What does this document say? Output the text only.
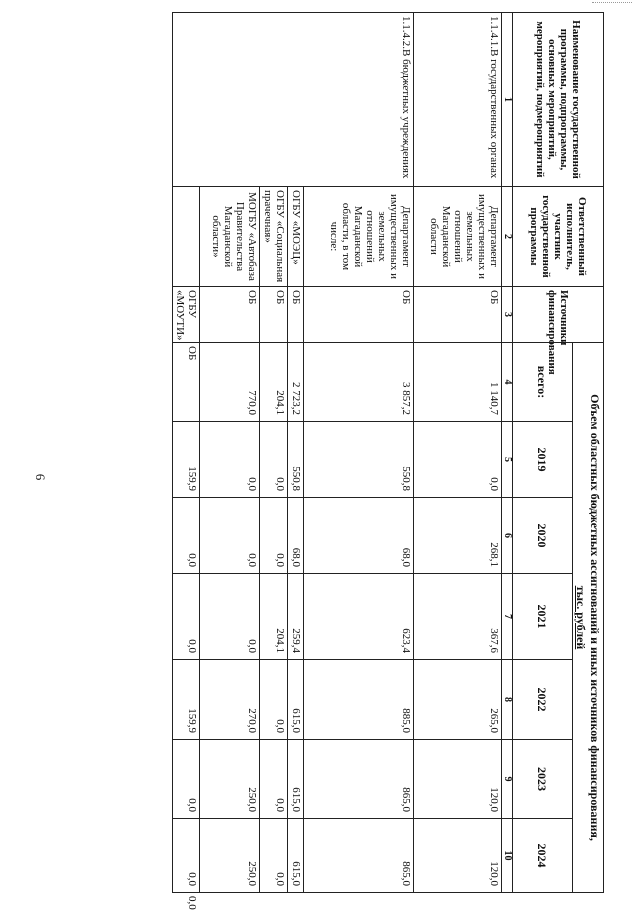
6
Наименование государственной программы, подпрограммы, основных мероприятий, мероприятий, подмероприятий	Ответственный исполнитель, участник государственной программы	Источники финансирования	Объем областных бюджетных ассигнований и иных источников финансирования,
тыс. рублей							
			всего:	2019	2020	2021	2022	2023	2024	
1	2	3	4	5	6	7	8	9	10	
1.1.4.1.В государственных органах	Департамент имущественных и земельных отношений Магаданской области	ОБ	1 140,7	0,0	268,1	367,6	265,0	120,0	120,0	
1.1.4.2.В бюджетных учреждениях	Департамент имущественных и земельных отношений Магаданской области, в том числе:	ОБ	3 857,2	550,8	68,0	623,4	885,0	865,0	865,0	
	ОГБУ «МОЭЦ»	ОБ	2 723,2	550,8	68,0	259,4	615,0	615,0	615,0	
	ОГБУ «Социальная прачечная»	ОБ	204,1	0,0	0,0	204,1	0,0	0,0	0,0	
	МОГБУ «Автобаза Правительства Магаданской области»	ОБ	770,0	0,0	0,0	0,0	270,0	250,0	250,0	
		ОГБУ «МОУТИ»	ОБ	159,9	0,0	0,0	159,9	0,0	0,0	0,0
